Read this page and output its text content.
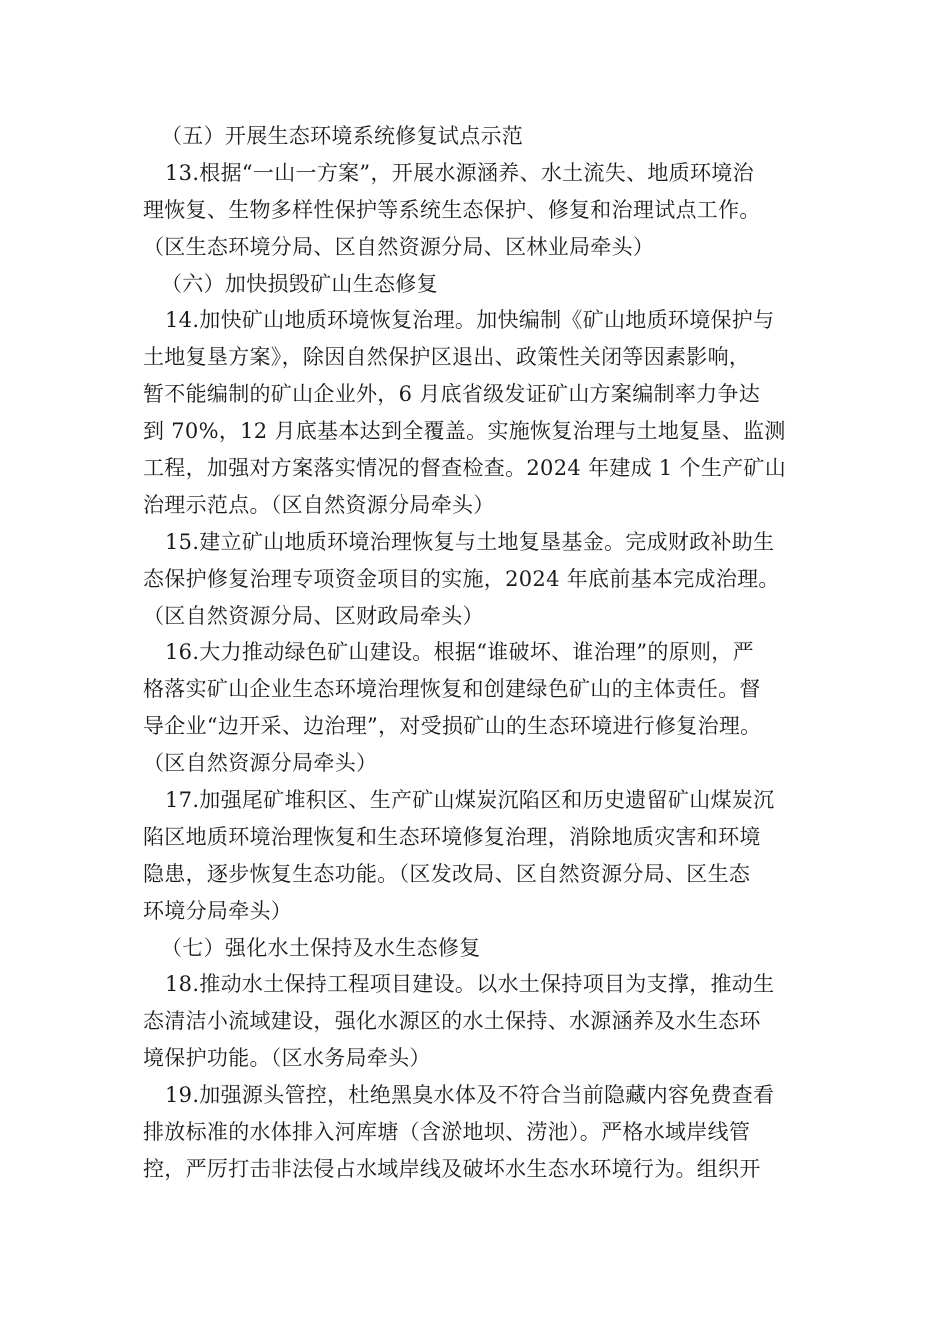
（五）开展生态环境系统修复试点示范
13.根据“一山一方案”，开展水源涵养、水土流失、地质环境治
理恢复、生物多样性保护等系统生态保护、修复和治理试点工作。
（区生态环境分局、区自然资源分局、区林业局牵头）
（六）加快损毁矿山生态修复
14.加快矿山地质环境恢复治理。加快编制《矿山地质环境保护与
土地复垦方案》，除因自然保护区退出、政策性关闭等因素影响，
暂不能编制的矿山企业外，6 月底省级发证矿山方案编制率力争达
到 70%，12 月底基本达到全覆盖。实施恢复治理与土地复垦、监测
工程，加强对方案落实情况的督查检查。2024 年建成 1 个生产矿山
治理示范点。（区自然资源分局牵头）
15.建立矿山地质环境治理恢复与土地复垦基金。完成财政补助生
态保护修复治理专项资金项目的实施，2024 年底前基本完成治理。
（区自然资源分局、区财政局牵头）
16.大力推动绿色矿山建设。根据“谁破坏、谁治理”的原则，严
格落实矿山企业生态环境治理恢复和创建绿色矿山的主体责任。督
导企业“边开采、边治理”，对受损矿山的生态环境进行修复治理。
（区自然资源分局牵头）
17.加强尾矿堆积区、生产矿山煤炭沉陷区和历史遗留矿山煤炭沉
陷区地质环境治理恢复和生态环境修复治理，消除地质灾害和环境
隐患，逐步恢复生态功能。（区发改局、区自然资源分局、区生态
环境分局牵头）
（七）强化水土保持及水生态修复
18.推动水土保持工程项目建设。以水土保持项目为支撑，推动生
态清洁小流域建设，强化水源区的水土保持、水源涵养及水生态环
境保护功能。（区水务局牵头）
19.加强源头管控，杜绝黑臭水体及不符合当前隐藏内容免费查看
排放标准的水体排入河库塘（含淤地坝、涝池）。严格水域岸线管
控，严厉打击非法侵占水域岸线及破坏水生态水环境行为。组织开
